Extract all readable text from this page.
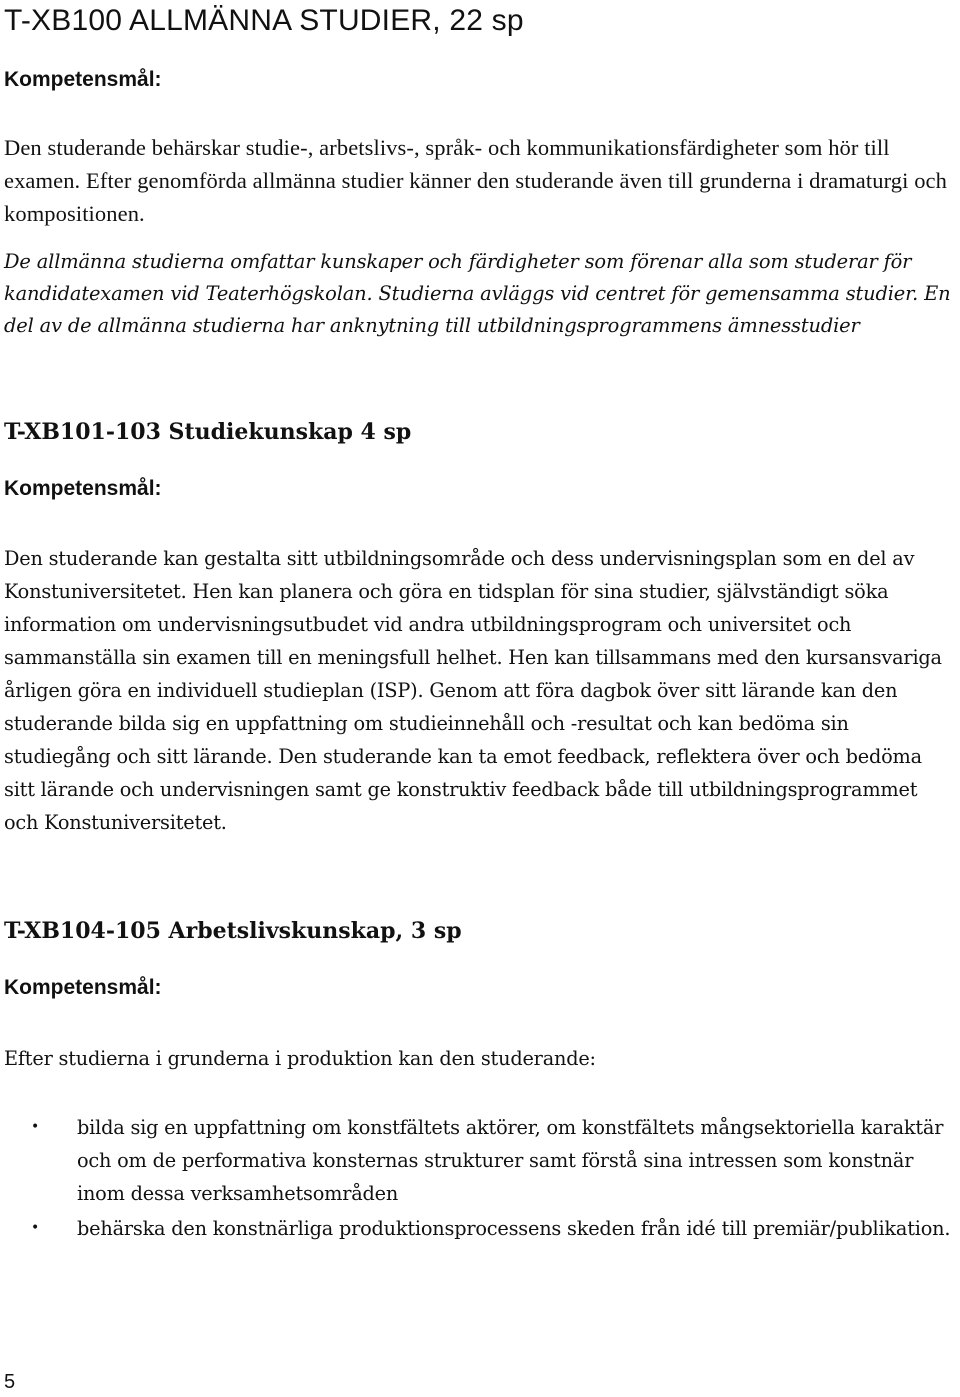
T-XB100 ALLMÄNNA STUDIER, 22 sp
Kompetensmål:

Den studerande behärskar studie-, arbetslivs-, språk- och kommunikationsfärdigheter som hör till examen. Efter genomförda allmänna studier känner den studerande även till grunderna i dramaturgi och kompositionen.

De allmänna studierna omfattar kunskaper och färdigheter som förenar alla som studerar för kandidatexamen vid Teaterhögskolan. Studierna avläggs vid centret för gemensamma studier. En del av de allmänna studierna har anknytning till utbildningsprogrammens ämnesstudier

T-XB101-103 Studiekunskap 4 sp
Kompetensmål:

Den studerande kan gestalta sitt utbildningsområde och dess undervisningsplan som en del av Konstuniversitetet. Hen kan planera och göra en tidsplan för sina studier, självständigt söka information om undervisningsutbudet vid andra utbildningsprogram och universitet och sammanställa sin examen till en meningsfull helhet. Hen kan tillsammans med den kursansvariga årligen göra en individuell studieplan (ISP). Genom att föra dagbok över sitt lärande kan den studerande bilda sig en uppfattning om studieinnehåll och -resultat och kan bedöma sin studiegång och sitt lärande. Den studerande kan ta emot feedback, reflektera över och bedöma sitt lärande och undervisningen samt ge konstruktiv feedback både till utbildningsprogrammet och Konstuniversitetet.

T-XB104-105 Arbetslivskunskap, 3 sp
Kompetensmål:

Efter studierna i grunderna i produktion kan den studerande:

• bilda sig en uppfattning om konstfältets aktörer, om konstfältets mångsektoriella karaktär och om de performativa konsternas strukturer samt förstå sina intressen som konstnär inom dessa verksamhetsområden
• behärska den konstnärliga produktionsprocessens skeden från idé till premiär/publikation.
5
